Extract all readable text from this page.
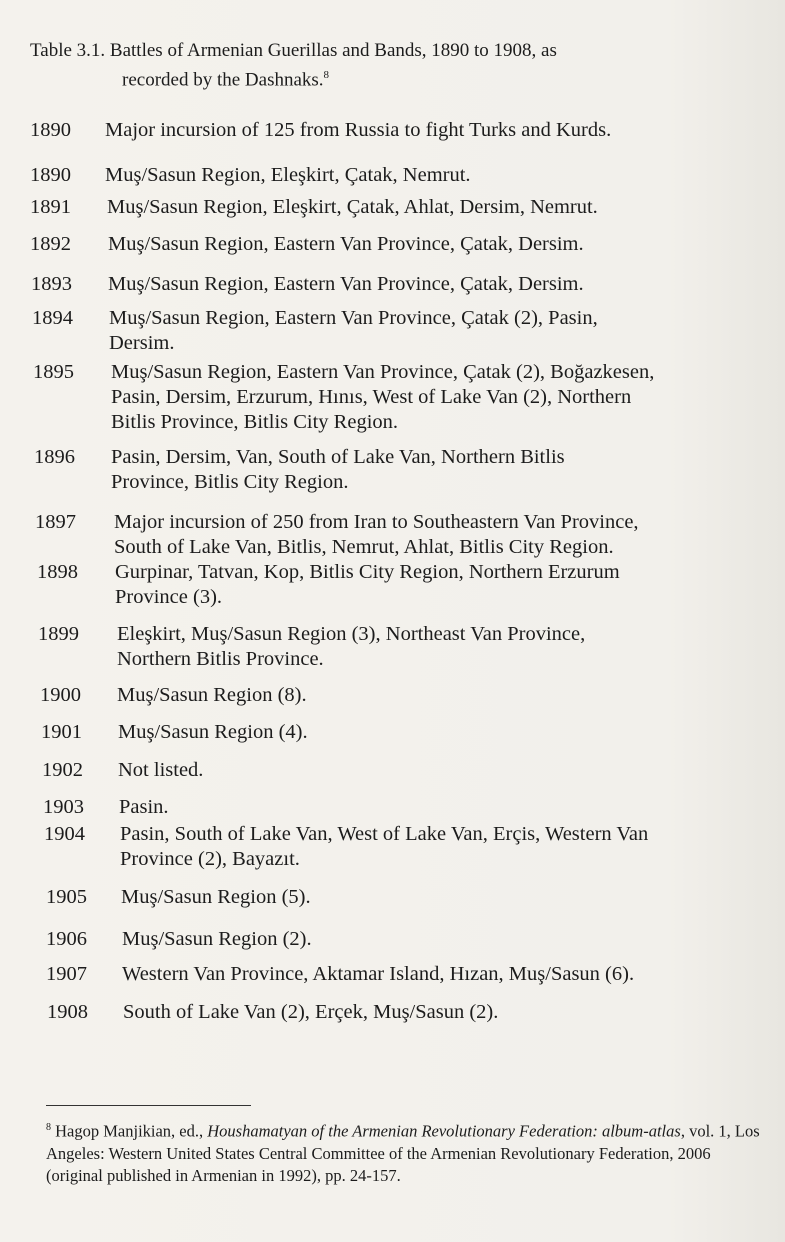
Table 3.1. Battles of Armenian Guerillas and Bands, 1890 to 1908, as
recorded by the Dashnaks.$^8$
1890 Major incursion of 125 from Russia to fight Turks and Kurds.
1890 Muş/Sasun Region, Eleşkirt, Çatak, Nemrut.
1891 Muş/Sasun Region, Eleşkirt, Çatak, Ahlat, Dersim, Nemrut.
1892 Muş/Sasun Region, Eastern Van Province, Çatak, Dersim.
1893 Muş/Sasun Region, Eastern Van Province, Çatak, Dersim.
1894 Muş/Sasun Region, Eastern Van Province, Çatak (2), Pasin,
Dersim.
1895 Muş/Sasun Region, Eastern Van Province, Çatak (2), Boğazkesen,
Pasin, Dersim, Erzurum, Hınıs, West of Lake Van (2), Northern
Bitlis Province, Bitlis City Region.
1896 Pasin, Dersim, Van, South of Lake Van, Northern Bitlis
Province, Bitlis City Region.
1897 Major incursion of 250 from Iran to Southeastern Van Province,
South of Lake Van, Bitlis, Nemrut, Ahlat, Bitlis City Region.
1898 Gurpinar, Tatvan, Kop, Bitlis City Region, Northern Erzurum
Province (3).
1899 Eleşkirt, Muş/Sasun Region (3), Northeast Van Province,
Northern Bitlis Province.
1900 Muş/Sasun Region (8).
1901 Muş/Sasun Region (4).
1902 Not listed.
1903 Pasin.
1904 Pasin, South of Lake Van, West of Lake Van, Erçis, Western Van
Province (2), Bayazıt.
1905 Muş/Sasun Region (5).
1906 Muş/Sasun Region (2).
1907 Western Van Province, Aktamar Island, Hızan, Muş/Sasun (6).
1908 South of Lake Van (2), Erçek, Muş/Sasun (2).
$^8$ Hagop Manjikian, ed., Houshamatyan of the Armenian Revolutionary Federation: album-atlas, vol. 1, Los Angeles: Western United States Central Committee of the Armenian Revolutionary Federation, 2006 (original published in Armenian in 1992), pp. 24-157.
